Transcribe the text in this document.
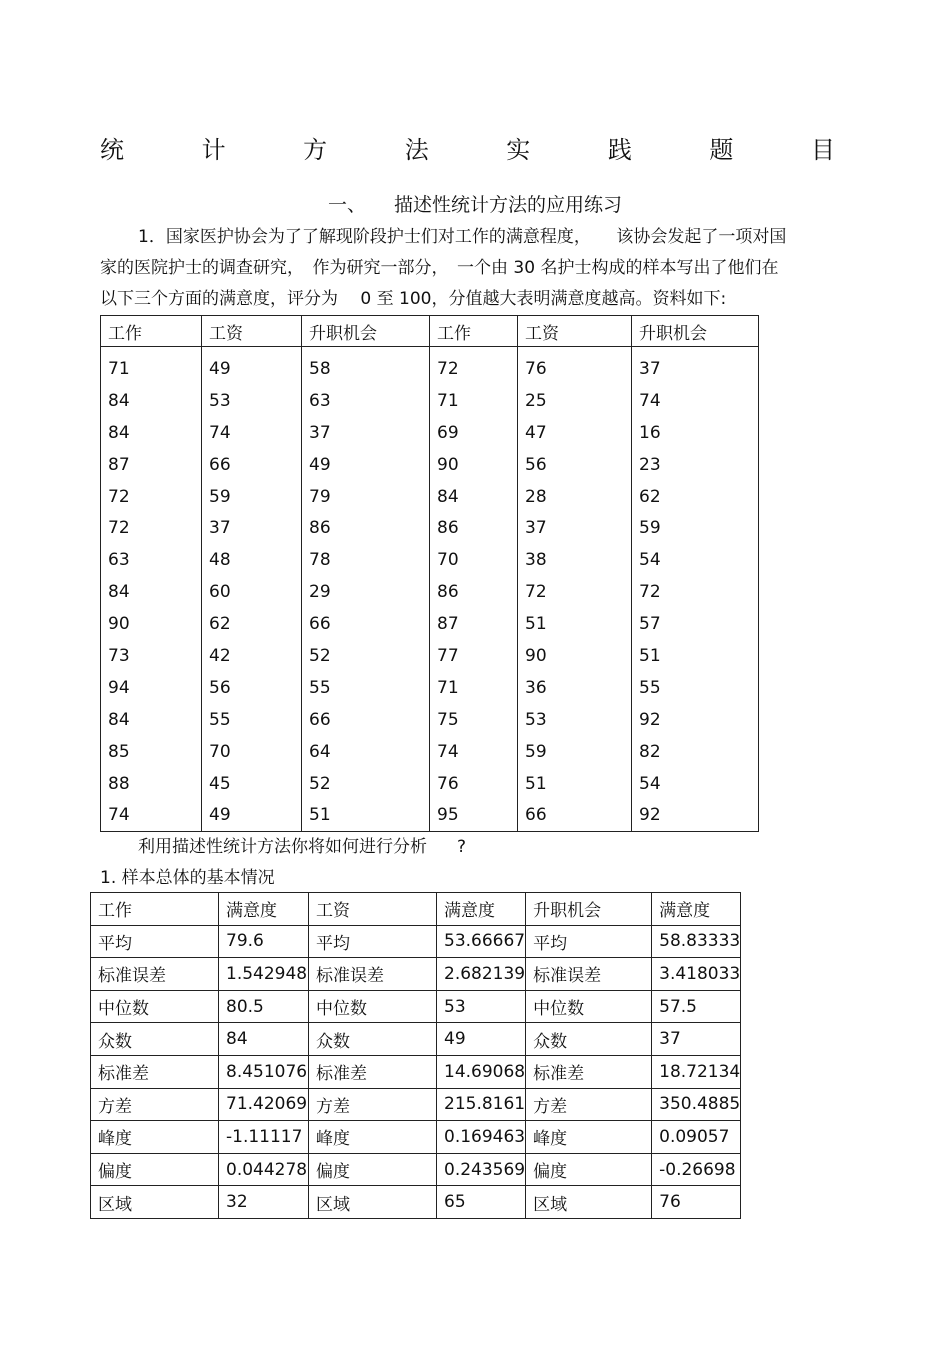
统	计	方	法	实	践	题	目
一、 描述性统计方法的应用练习

1．国家医护协会为了了解现阶段护士们对工作的满意程度，　　该协会发起了一项对国

家的医院护士的调查研究，　作为研究一部分，　一个由 30 名护士构成的样本写出了他们在

以下三个方面的满意度，评分为　 0 至 100，分值越大表明满意度越高。资料如下:

工作	工资	升职机会	工作	工资	升职机会
71	49	58	72	76	37
84	53	63	71	25	74
84	74	37	69	47	16
87	66	49	90	56	23
72	59	79	84	28	62
72	37	86	86	37	59
63	48	78	70	38	54
84	60	29	86	72	72
90	62	66	87	51	57
73	42	52	77	90	51
94	56	55	71	36	55
84	55	66	75	53	92
85	70	64	74	59	82
88	45	52	76	51	54
74	49	51	95	66	92
利用描述性统计方法你将如何进行分析 ?
1. 样本总体的基本情况
工作	满意度	工资	满意度	升职机会	满意度
平均	79.6	平均	53.66667	平均	58.83333
标准误差	1.542948	标准误差	2.682139	标准误差	3.418033
中位数	80.5	中位数	53	中位数	57.5
众数	84	众数	49	众数	37
标准差	8.451076	标准差	14.69068	标准差	18.72134
方差	71.42069	方差	215.8161	方差	350.4885
峰度	-1.11117	峰度	0.169463	峰度	0.09057
偏度	0.044278	偏度	0.243569	偏度	-0.26698
区域	32	区域	65	区域	76
